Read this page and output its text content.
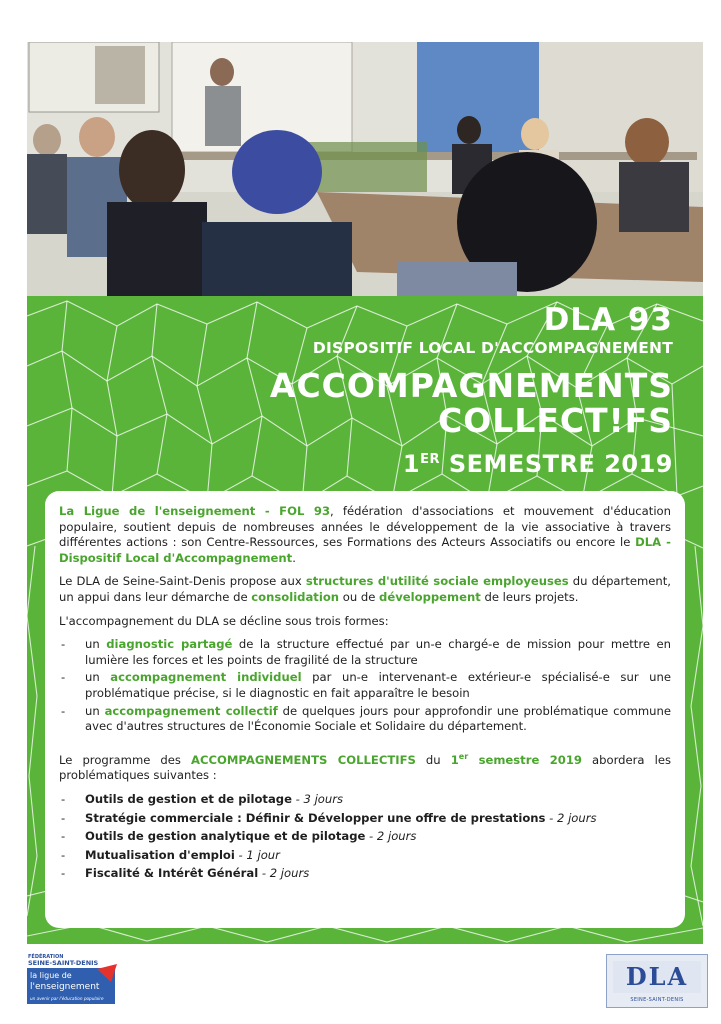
DLA 93
DISPOSITIF LOCAL D'ACCOMPAGNEMENT
ACCOMPAGNEMENTS
COLLECT!FS
1ER SEMESTRE 2019

La Ligue de l'enseignement - FOL 93, fédération d'associations et mouvement d'éducation populaire, soutient depuis de nombreuses années le développement de la vie associative à travers différentes actions : son Centre-Ressources, ses Formations des Acteurs Associatifs ou encore le DLA - Dispositif Local d'Accompagnement.

Le DLA de Seine-Saint-Denis propose aux structures d'utilité sociale employeuses du département, un appui dans leur démarche de consolidation ou de développement de leurs projets.

L'accompagnement du DLA se décline sous trois formes:

- un diagnostic partagé de la structure effectué par un-e chargé-e de mission pour mettre en lumière les forces et les points de fragilité de la structure
- un accompagnement individuel par un-e intervenant-e extérieur-e spécialisé-e sur une problématique précise, si le diagnostic en fait apparaître le besoin
- un accompagnement collectif de quelques jours pour approfondir une problématique commune avec d'autres structures de l'Économie Sociale et Solidaire du département.

Le programme des ACCOMPAGNEMENTS COLLECTIFS du 1er semestre 2019 abordera les problématiques suivantes :

- Outils de gestion et de pilotage - 3 jours
- Stratégie commerciale : Définir & Développer une offre de prestations - 2 jours
- Outils de gestion analytique et de pilotage - 2 jours
- Mutualisation d'emploi - 1 jour
- Fiscalité & Intérêt Général - 2 jours
FÉDÉRATION
SEINE-SAINT-DENIS
la ligue de
l'enseignement
un avenir par l'éducation populaire
DLA
SEINE-SAINT-DENIS
